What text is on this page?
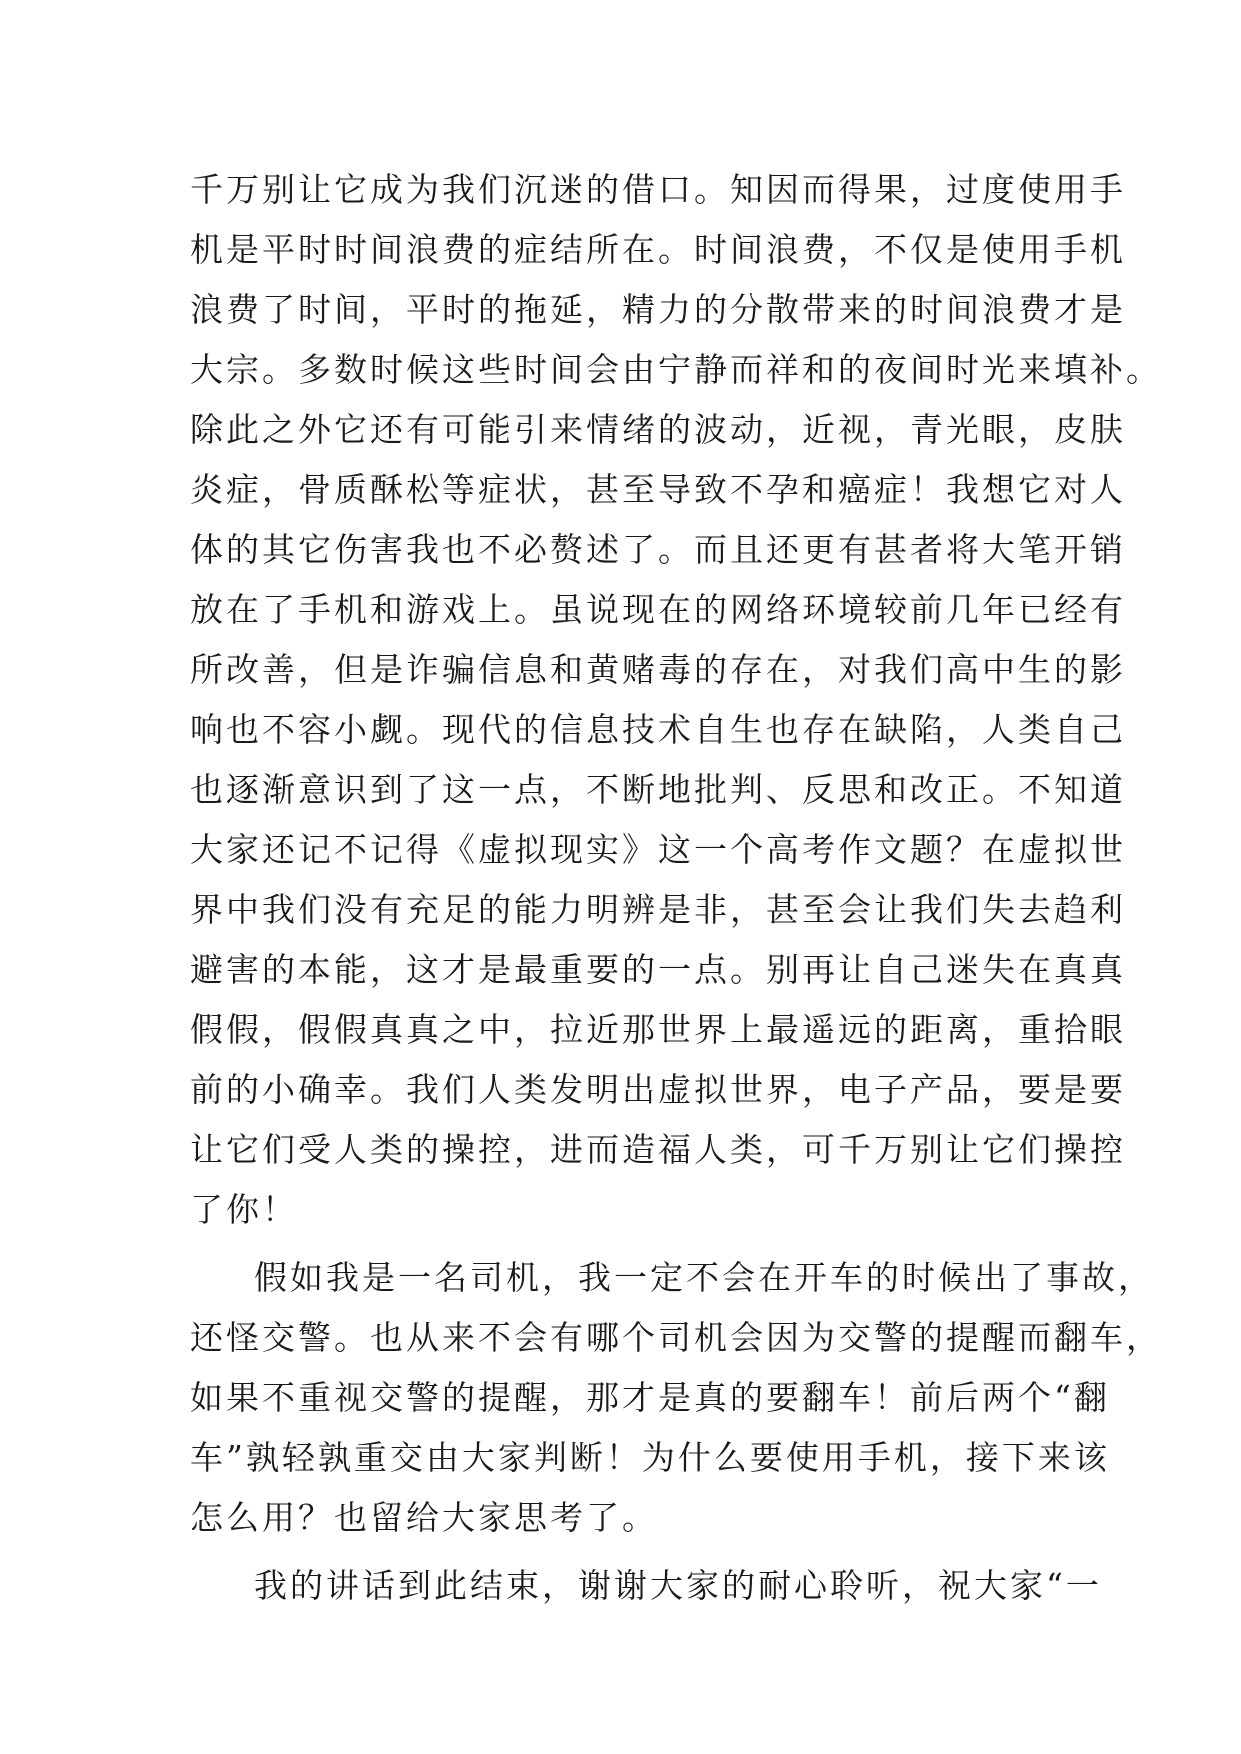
千万别让它成为我们沉迷的借口。知因而得果，过度使用手
机是平时时间浪费的症结所在。时间浪费，不仅是使用手机
浪费了时间，平时的拖延，精力的分散带来的时间浪费才是
大宗。多数时候这些时间会由宁静而祥和的夜间时光来填补。
除此之外它还有可能引来情绪的波动，近视，青光眼，皮肤
炎症，骨质酥松等症状，甚至导致不孕和癌症！我想它对人
体的其它伤害我也不必赘述了。而且还更有甚者将大笔开销
放在了手机和游戏上。虽说现在的网络环境较前几年已经有
所改善，但是诈骗信息和黄赌毒的存在，对我们高中生的影
响也不容小觑。现代的信息技术自生也存在缺陷，人类自己
也逐渐意识到了这一点，不断地批判、反思和改正。不知道
大家还记不记得《虚拟现实》这一个高考作文题？在虚拟世
界中我们没有充足的能力明辨是非，甚至会让我们失去趋利
避害的本能，这才是最重要的一点。别再让自己迷失在真真
假假，假假真真之中，拉近那世界上最遥远的距离，重拾眼
前的小确幸。我们人类发明出虚拟世界，电子产品，要是要
让它们受人类的操控，进而造福人类，可千万别让它们操控
了你！
假如我是一名司机，我一定不会在开车的时候出了事故，
还怪交警。也从来不会有哪个司机会因为交警的提醒而翻车，
如果不重视交警的提醒，那才是真的要翻车！前后两个“翻
车”孰轻孰重交由大家判断！为什么要使用手机，接下来该
怎么用？也留给大家思考了。
我的讲话到此结束，谢谢大家的耐心聆听，祝大家“一
